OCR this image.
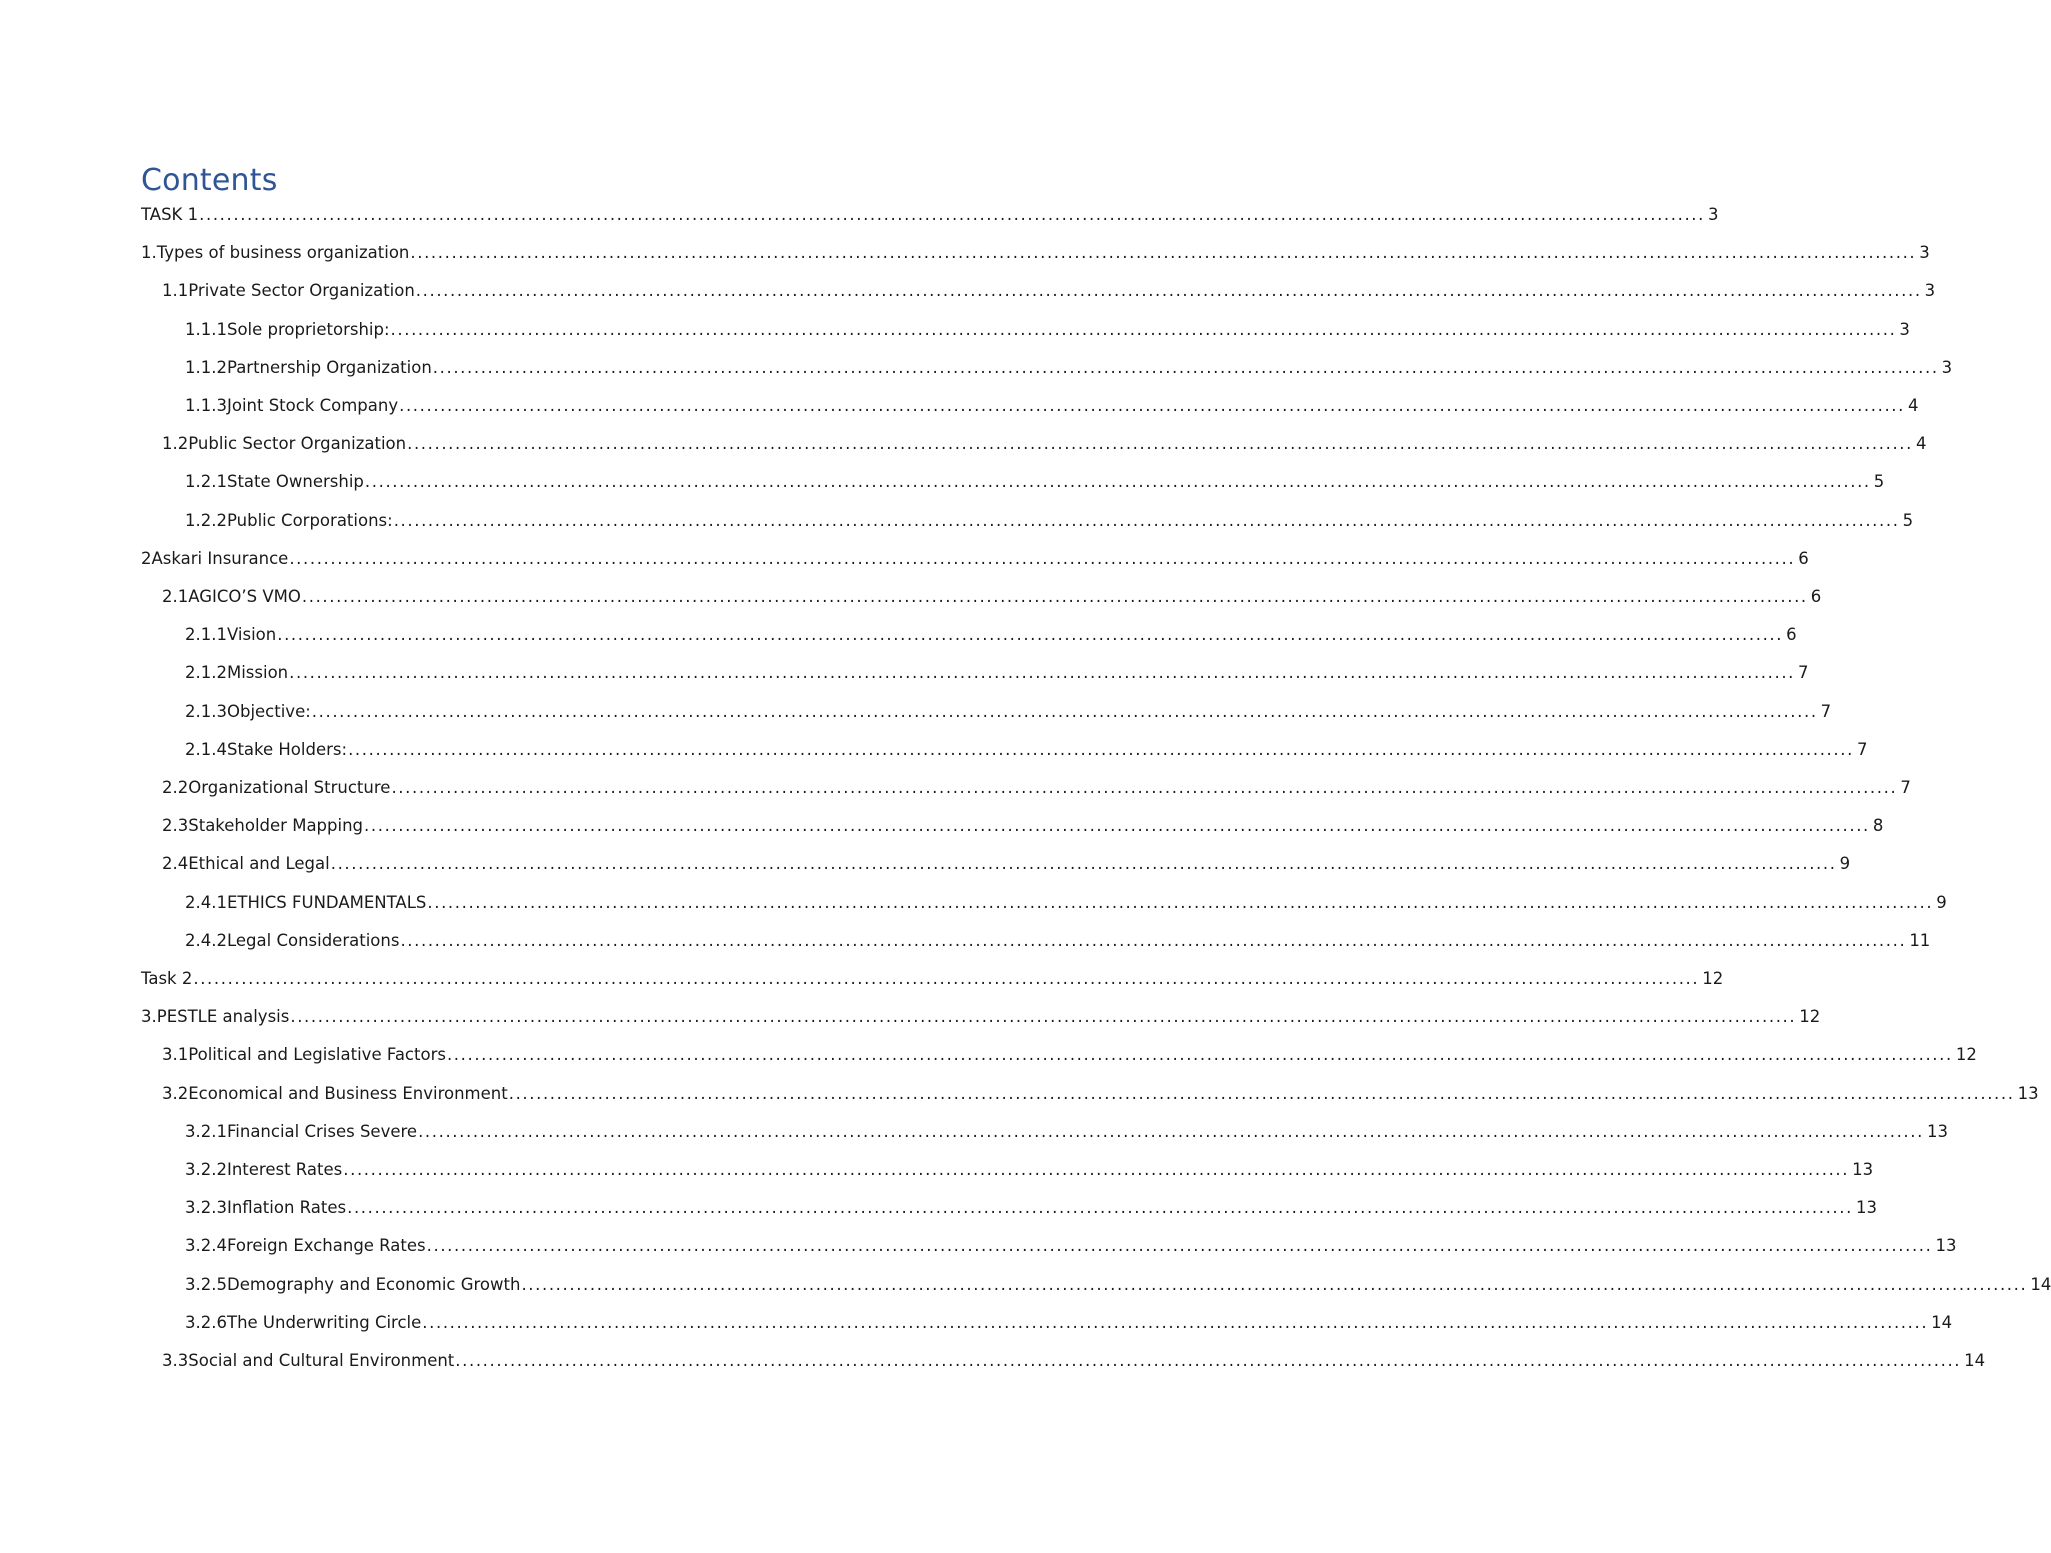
Contents
TASK 1 ............................................................................................................................................................................................................................ 3
1. Types of business organization ............................................................................................................................................................................................................................ 3
1.1 Private Sector Organization ............................................................................................................................................................................................................................ 3
1.1.1 Sole proprietorship: ............................................................................................................................................................................................................................ 3
1.1.2 Partnership Organization ............................................................................................................................................................................................................................ 3
1.1.3 Joint Stock Company ............................................................................................................................................................................................................................ 4
1.2 Public Sector Organization ............................................................................................................................................................................................................................ 4
1.2.1 State Ownership ............................................................................................................................................................................................................................ 5
1.2.2 Public Corporations: ............................................................................................................................................................................................................................ 5
2 Askari Insurance ............................................................................................................................................................................................................................ 6
2.1 AGICO’S VMO ............................................................................................................................................................................................................................ 6
2.1.1 Vision ............................................................................................................................................................................................................................ 6
2.1.2 Mission ............................................................................................................................................................................................................................ 7
2.1.3 Objective: ............................................................................................................................................................................................................................ 7
2.1.4 Stake Holders: ............................................................................................................................................................................................................................ 7
2.2 Organizational Structure ............................................................................................................................................................................................................................ 7
2.3 Stakeholder Mapping ............................................................................................................................................................................................................................ 8
2.4 Ethical and Legal ............................................................................................................................................................................................................................ 9
2.4.1 ETHICS FUNDAMENTALS ............................................................................................................................................................................................................................ 9
2.4.2 Legal Considerations ............................................................................................................................................................................................................................ 11
Task 2 ............................................................................................................................................................................................................................ 12
3. PESTLE analysis ............................................................................................................................................................................................................................ 12
3.1 Political and Legislative Factors ............................................................................................................................................................................................................................ 12
3.2 Economical and Business Environment ............................................................................................................................................................................................................................ 13
3.2.1 Financial Crises Severe ............................................................................................................................................................................................................................ 13
3.2.2 Interest Rates ............................................................................................................................................................................................................................ 13
3.2.3 Inflation Rates ............................................................................................................................................................................................................................ 13
3.2.4 Foreign Exchange Rates ............................................................................................................................................................................................................................ 13
3.2.5 Demography and Economic Growth ............................................................................................................................................................................................................................ 14
3.2.6 The Underwriting Circle ............................................................................................................................................................................................................................ 14
3.3 Social and Cultural Environment ............................................................................................................................................................................................................................ 14
